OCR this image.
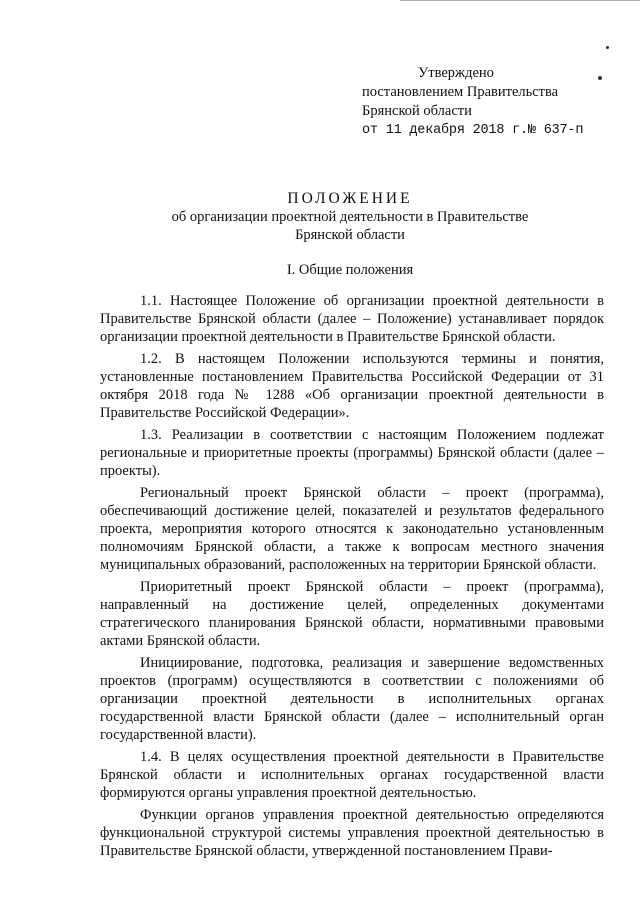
Утверждено
постановлением Правительства
Брянской области
от 11 декабря 2018 г.№ 637-п
ПОЛОЖЕНИЕ
об организации проектной деятельности в Правительстве
Брянской области
I. Общие положения

1.1. Настоящее Положение об организации проектной деятельности в Правительстве Брянской области (далее – Положение) устанавливает порядок организации проектной деятельности в Правительстве Брянской области.

1.2. В настоящем Положении используются термины и понятия, установленные постановлением Правительства Российской Федерации от 31 октября 2018 года № 1288 «Об организации проектной деятельности в Правительстве Российской Федерации».

1.3. Реализации в соответствии с настоящим Положением подлежат региональные и приоритетные проекты (программы) Брянской области (далее – проекты).

Региональный проект Брянской области – проект (программа), обеспечивающий достижение целей, показателей и результатов федерального проекта, мероприятия которого относятся к законодательно установленным полномочиям Брянской области, а также к вопросам местного значения муниципальных образований, расположенных на территории Брянской области.

Приоритетный проект Брянской области – проект (программа), направленный на достижение целей, определенных документами стратегического планирования Брянской области, нормативными правовыми актами Брянской области.

Инициирование, подготовка, реализация и завершение ведомственных проектов (программ) осуществляются в соответствии с положениями об организации проектной деятельности в исполнительных органах государственной власти Брянской области (далее – исполнительный орган государственной власти).

1.4. В целях осуществления проектной деятельности в Правительстве Брянской области и исполнительных органах государственной власти формируются органы управления проектной деятельностью.

Функции органов управления проектной деятельностью определяются функциональной структурой системы управления проектной деятельностью в Правительстве Брянской области, утвержденной постановлением Прави-
